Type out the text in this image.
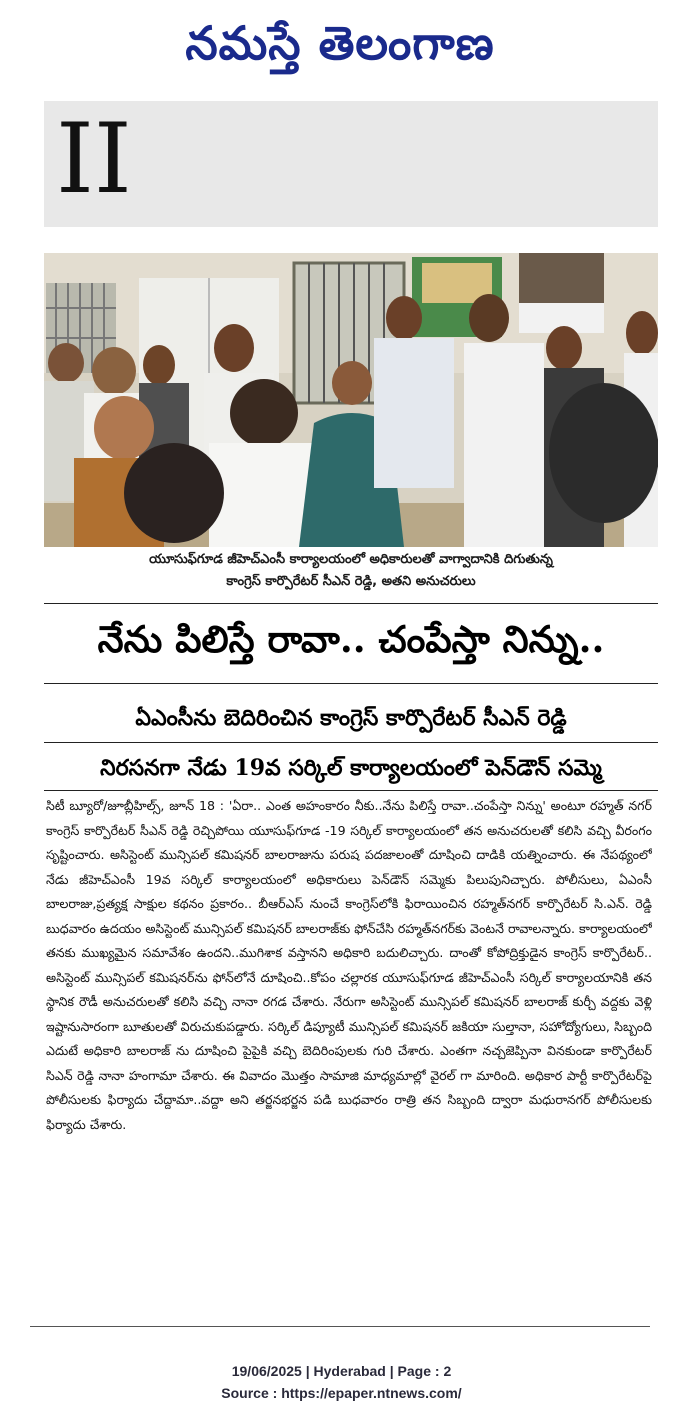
నమస్తే తెలంగాణ
II
యూసుఫ్‌గూడ జీహెచ్‌ఎంసీ కార్యాలయంలో అధికారులతో వాగ్వాదానికి దిగుతున్న
కాంగ్రెస్ కార్పొరేటర్ సీఎన్ రెడ్డి, అతని అనుచరులు
నేను పిలిస్తే రావా.. చంపేస్తా నిన్ను..
ఏఎంసీను బెదిరించిన కాంగ్రెస్ కార్పొరేటర్ సీఎన్ రెడ్డి
నిరసనగా నేడు 19వ సర్కిల్ కార్యాలయంలో పెన్‌డౌన్ సమ్మె
సిటీ బ్యూరో/జూబ్లీహిల్స్, జూన్ 18 : 'ఏరా.. ఎంత అహంకారం నీకు..నేను పిలిస్తే రావా..చంపేస్తా నిన్ను' అంటూ రహ్మత్ నగర్ కాంగ్రెస్ కార్పొరేటర్ సీఎన్ రెడ్డి రెచ్చిపోయి యూసుఫ్‌గూడ -19 సర్కిల్ కార్యాలయంలో తన అనుచరులతో కలిసి వచ్చి వీరంగం సృష్టించారు. అసిస్టెంట్ మున్సిపల్ కమిషనర్ బాలరాజును పరుష పదజాలంతో దూషించి దాడికి యత్నించారు. ఈ నేపథ్యంలో నేడు జీహెచ్‌ఎంసీ 19వ సర్కిల్ కార్యాలయంలో అధికారులు పెన్‌డౌన్ సమ్మెకు పిలుపునిచ్చారు. పోలీసులు, ఏఎంసీ బాలరాజు,ప్రత్యక్ష సాక్షుల కథనం ప్రకారం.. బీఆర్‌ఎస్ నుంచే కాంగ్రెస్‌లోకి ఫిరాయించిన రహ్మత్‌నగర్ కార్పొరేటర్ సి.ఎన్. రెడ్డి బుధవారం ఉదయం అసిస్టెంట్ మున్సిపల్ కమిషనర్ బాలరాజ్‌కు ఫోన్‌చేసి రహ్మత్‌నగర్‌కు వెంటనే రావాలన్నారు. కార్యాలయంలో తనకు ముఖ్యమైన సమావేశం ఉందని..ముగిశాక వస్తానని అధికారి బదులిచ్చారు. దాంతో కోపోద్రిక్తుడైన కాంగ్రెస్ కార్పొరేటర్.. అసిస్టెంట్ మున్సిపల్ కమిషనర్‌ను ఫోన్‌లోనే దూషించి..కోపం చల్లారక యూసుఫ్‌గూడ జీహెచ్‌ఎంసీ సర్కిల్ కార్యాలయానికి తన స్థానిక రౌడీ అనుచరులతో కలిసి వచ్చి నానా రగడ చేశారు. నేరుగా అసిస్టెంట్ మున్సిపల్ కమిషనర్ బాలరాజ్ కుర్చీ వద్దకు వెళ్లి ఇష్టానుసారంగా బూతులతో విరుచుకుపడ్డారు. సర్కిల్ డిప్యూటీ మున్సిపల్ కమిషనర్ జకియా సుల్తానా, సహోద్యోగులు, సిబ్బంది ఎదుటే అధికారి బాలరాజ్ ను దూషించి పైపైకి వచ్చి బెదిరింపులకు గురి చేశారు. ఎంతగా నచ్చజెప్పినా వినకుండా కార్పొరేటర్ సిఎన్ రెడ్డి నానా హంగామా చేశారు. ఈ వివాదం మొత్తం సామాజి మాధ్యమాల్లో వైరల్ గా మారింది. అధికార పార్టీ కార్పొరేటర్‌పై పోలీసులకు ఫిర్యాదు చేద్దామా..వద్దా అని తర్జనభర్జన పడి బుధవారం రాత్రి తన సిబ్బంది ద్వారా మధురానగర్ పోలీసులకు ఫిర్యాదు చేశారు.
19/06/2025 | Hyderabad | Page : 2
Source : https://epaper.ntnews.com/
